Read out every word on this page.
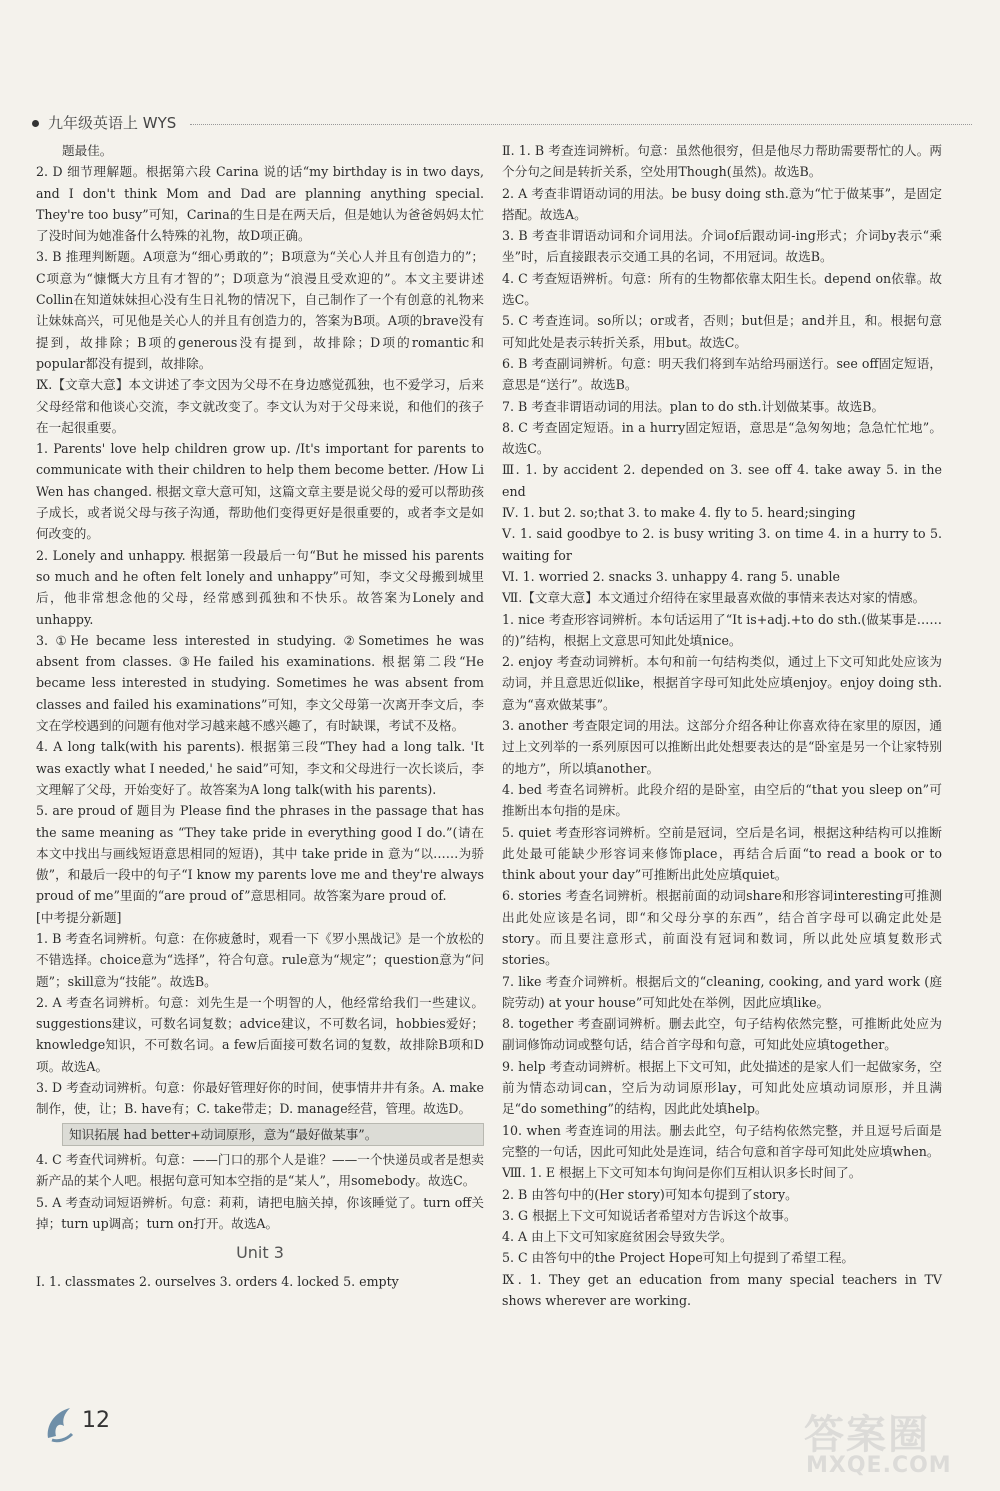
九年级英语上 WYS
题最佳。
2. D 细节理解题。根据第六段 Carina 说的话“my birthday is in two days, and I don't think Mom and Dad are planning anything special. They're too busy”可知，Carina的生日是在两天后，但是她认为爸爸妈妈太忙了没时间为她准备什么特殊的礼物，故D项正确。
3. B 推理判断题。A项意为“细心勇敢的”；B项意为“关心人并且有创造力的”；C项意为“慷慨大方且有才智的”；D项意为“浪漫且受欢迎的”。本文主要讲述Collin在知道妹妹担心没有生日礼物的情况下，自己制作了一个有创意的礼物来让妹妹高兴，可见他是关心人的并且有创造力的，答案为B项。A项的brave没有提到，故排除；B项的generous没有提到，故排除；D项的romantic和popular都没有提到，故排除。
Ⅸ.【文章大意】本文讲述了李文因为父母不在身边感觉孤独，也不爱学习，后来父母经常和他谈心交流，李文就改变了。李文认为对于父母来说，和他们的孩子在一起很重要。
1. Parents' love help children grow up. /It's important for parents to communicate with their children to help them become better. /How Li Wen has changed. 根据文章大意可知，这篇文章主要是说父母的爱可以帮助孩子成长，或者说父母与孩子沟通，帮助他们变得更好是很重要的，或者李文是如何改变的。
2. Lonely and unhappy. 根据第一段最后一句“But he missed his parents so much and he often felt lonely and unhappy”可知，李文父母搬到城里后，他非常想念他的父母，经常感到孤独和不快乐。故答案为Lonely and unhappy.
3. ①He became less interested in studying. ②Sometimes he was absent from classes. ③He failed his examinations. 根据第二段“He became less interested in studying. Sometimes he was absent from classes and failed his examinations”可知，李文父母第一次离开李文后，李文在学校遇到的问题有他对学习越来越不感兴趣了，有时缺课，考试不及格。
4. A long talk(with his parents). 根据第三段“They had a long talk. 'It was exactly what I needed,' he said”可知，李文和父母进行一次长谈后，李文理解了父母，开始变好了。故答案为A long talk(with his parents).
5. are proud of 题目为 Please find the phrases in the passage that has the same meaning as “They take pride in everything good I do.”(请在本文中找出与画线短语意思相同的短语)，其中 take pride in 意为“以……为骄傲”，和最后一段中的句子“I know my parents love me and they're always proud of me”里面的“are proud of”意思相同。故答案为are proud of.
[中考提分新题]
1. B 考查名词辨析。句意：在你疲惫时，观看一下《罗小黑战记》是一个放松的不错选择。choice意为“选择”，符合句意。rule意为“规定”；question意为“问题”；skill意为“技能”。故选B。
2. A 考查名词辨析。句意：刘先生是一个明智的人，他经常给我们一些建议。suggestions建议，可数名词复数；advice建议，不可数名词，hobbies爱好；knowledge知识，不可数名词。a few后面接可数名词的复数，故排除B项和D项。故选A。
3. D 考查动词辨析。句意：你最好管理好你的时间，使事情井井有条。A. make制作，使，让；B. have有；C. take带走；D. manage经营，管理。故选D。
知识拓展 had better+动词原形，意为“最好做某事”。
4. C 考查代词辨析。句意：——门口的那个人是谁？——一个快递员或者是想卖新产品的某个人吧。根据句意可知本空指的是“某人”，用somebody。故选C。
5. A 考查动词短语辨析。句意：莉莉，请把电脑关掉，你该睡觉了。turn off关掉；turn up调高；turn on打开。故选A。
Unit 3
Ⅰ. 1. classmates 2. ourselves 3. orders 4. locked 5. empty
Ⅱ. 1. B 考查连词辨析。句意：虽然他很穷，但是他尽力帮助需要帮忙的人。两个分句之间是转折关系，空处用Though(虽然)。故选B。
2. A 考查非谓语动词的用法。be busy doing sth.意为“忙于做某事”，是固定搭配。故选A。
3. B 考查非谓语动词和介词用法。介词of后跟动词-ing形式；介词by表示“乘坐”时，后直接跟表示交通工具的名词，不用冠词。故选B。
4. C 考查短语辨析。句意：所有的生物都依靠太阳生长。depend on依靠。故选C。
5. C 考查连词。so所以；or或者，否则；but但是；and并且，和。根据句意可知此处是表示转折关系，用but。故选C。
6. B 考查副词辨析。句意：明天我们将到车站给玛丽送行。see off固定短语，意思是“送行”。故选B。
7. B 考查非谓语动词的用法。plan to do sth.计划做某事。故选B。
8. C 考查固定短语。in a hurry固定短语，意思是“急匆匆地；急急忙忙地”。故选C。
Ⅲ. 1. by accident 2. depended on 3. see off 4. take away 5. in the end
Ⅳ. 1. but 2. so;that 3. to make 4. fly to 5. heard;singing
Ⅴ. 1. said goodbye to 2. is busy writing 3. on time 4. in a hurry to 5. waiting for
Ⅵ. 1. worried 2. snacks 3. unhappy 4. rang 5. unable
Ⅶ.【文章大意】本文通过介绍待在家里最喜欢做的事情来表达对家的情感。
1. nice 考查形容词辨析。本句话运用了“It is+adj.+to do sth.(做某事是……的)”结构，根据上文意思可知此处填nice。
2. enjoy 考查动词辨析。本句和前一句结构类似，通过上下文可知此处应该为动词，并且意思近似like，根据首字母可知此处应填enjoy。enjoy doing sth.意为“喜欢做某事”。
3. another 考查限定词的用法。这部分介绍各种让你喜欢待在家里的原因，通过上文列举的一系列原因可以推断出此处想要表达的是“卧室是另一个让家特别的地方”，所以填another。
4. bed 考查名词辨析。此段介绍的是卧室，由空后的“that you sleep on”可推断出本句指的是床。
5. quiet 考查形容词辨析。空前是冠词，空后是名词，根据这种结构可以推断此处最可能缺少形容词来修饰place，再结合后面“to read a book or to think about your day”可推断出此处应填quiet。
6. stories 考查名词辨析。根据前面的动词share和形容词interesting可推测出此处应该是名词，即“和父母分享的东西”，结合首字母可以确定此处是story。而且要注意形式，前面没有冠词和数词，所以此处应填复数形式stories。
7. like 考查介词辨析。根据后文的“cleaning, cooking, and yard work (庭院劳动) at your house”可知此处在举例，因此应填like。
8. together 考查副词辨析。删去此空，句子结构依然完整，可推断此处应为副词修饰动词或整句话，结合首字母和句意，可知此处应填together。
9. help 考查动词辨析。根据上下文可知，此处描述的是家人们一起做家务，空前为情态动词can，空后为动词原形lay，可知此处应填动词原形，并且满足“do something”的结构，因此此处填help。
10. when 考查连词的用法。删去此空，句子结构依然完整，并且逗号后面是完整的一句话，因此可知此处是连词，结合句意和首字母可知此处应填when。
Ⅷ. 1. E 根据上下文可知本句询问是你们互相认识多长时间了。
2. B 由答句中的(Her story)可知本句提到了story。
3. G 根据上下文可知说话者希望对方告诉这个故事。
4. A 由上下文可知家庭贫困会导致失学。
5. C 由答句中的the Project Hope可知上句提到了希望工程。
Ⅸ. 1. They get an education from many special teachers in TV shows wherever are working.
12	答案圈
MXQE.COM
